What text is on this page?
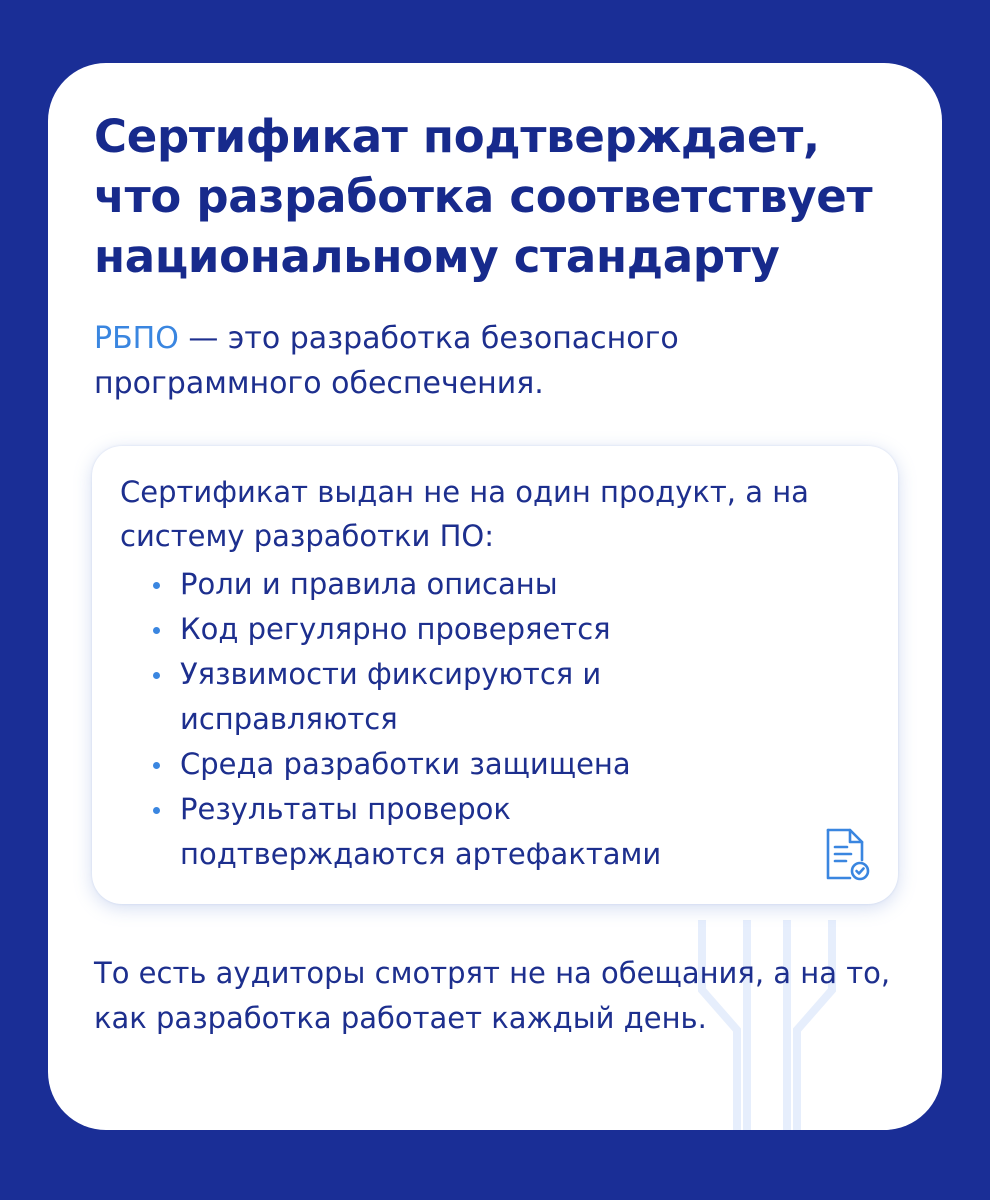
Сертификат подтверждает, что разработка соответствует национальному стандарту

РБПО — это разработка безопасного программного обеспечения.

Сертификат выдан не на один продукт, а на систему разработки ПО:

Роли и правила описаны
Код регулярно проверяется
Уязвимости фиксируются и исправляются
Среда разработки защищена
Результаты проверок подтверждаются артефактами

То есть аудиторы смотрят не на обещания, а на то, как разработка работает каждый день.
